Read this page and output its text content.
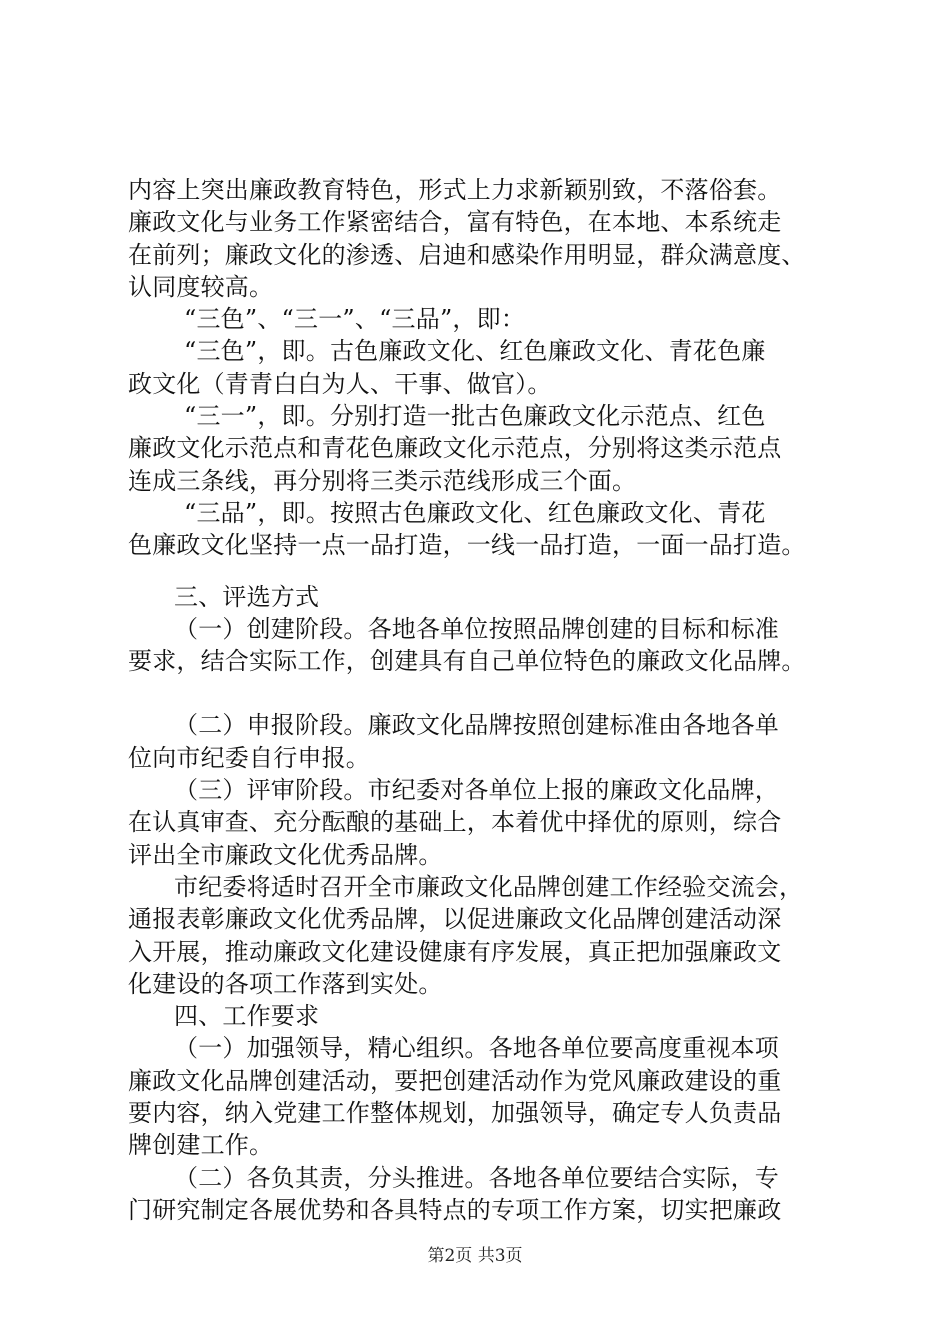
内容上突出廉政教育特色，形式上力求新颖别致，不落俗套。
廉政文化与业务工作紧密结合，富有特色，在本地、本系统走
在前列；廉政文化的渗透、启迪和感染作用明显，群众满意度、
认同度较高。
“三色”、“三一”、“三品”，即：
“三色”，即。古色廉政文化、红色廉政文化、青花色廉
政文化（青青白白为人、干事、做官）。
“三一”，即。分别打造一批古色廉政文化示范点、红色
廉政文化示范点和青花色廉政文化示范点，分别将这类示范点
连成三条线，再分别将三类示范线形成三个面。
“三品”，即。按照古色廉政文化、红色廉政文化、青花
色廉政文化坚持一点一品打造，一线一品打造，一面一品打造。
三、评选方式
（一）创建阶段。各地各单位按照品牌创建的目标和标准
要求，结合实际工作，创建具有自己单位特色的廉政文化品牌。
（二）申报阶段。廉政文化品牌按照创建标准由各地各单
位向市纪委自行申报。
（三）评审阶段。市纪委对各单位上报的廉政文化品牌，
在认真审查、充分酝酿的基础上，本着优中择优的原则，综合
评出全市廉政文化优秀品牌。
市纪委将适时召开全市廉政文化品牌创建工作经验交流会，
通报表彰廉政文化优秀品牌，以促进廉政文化品牌创建活动深
入开展，推动廉政文化建设健康有序发展，真正把加强廉政文
化建设的各项工作落到实处。
四、工作要求
（一）加强领导，精心组织。各地各单位要高度重视本项
廉政文化品牌创建活动，要把创建活动作为党风廉政建设的重
要内容，纳入党建工作整体规划，加强领导，确定专人负责品
牌创建工作。
（二）各负其责，分头推进。各地各单位要结合实际，专
门研究制定各展优势和各具特点的专项工作方案，切实把廉政
第2页 共3页
